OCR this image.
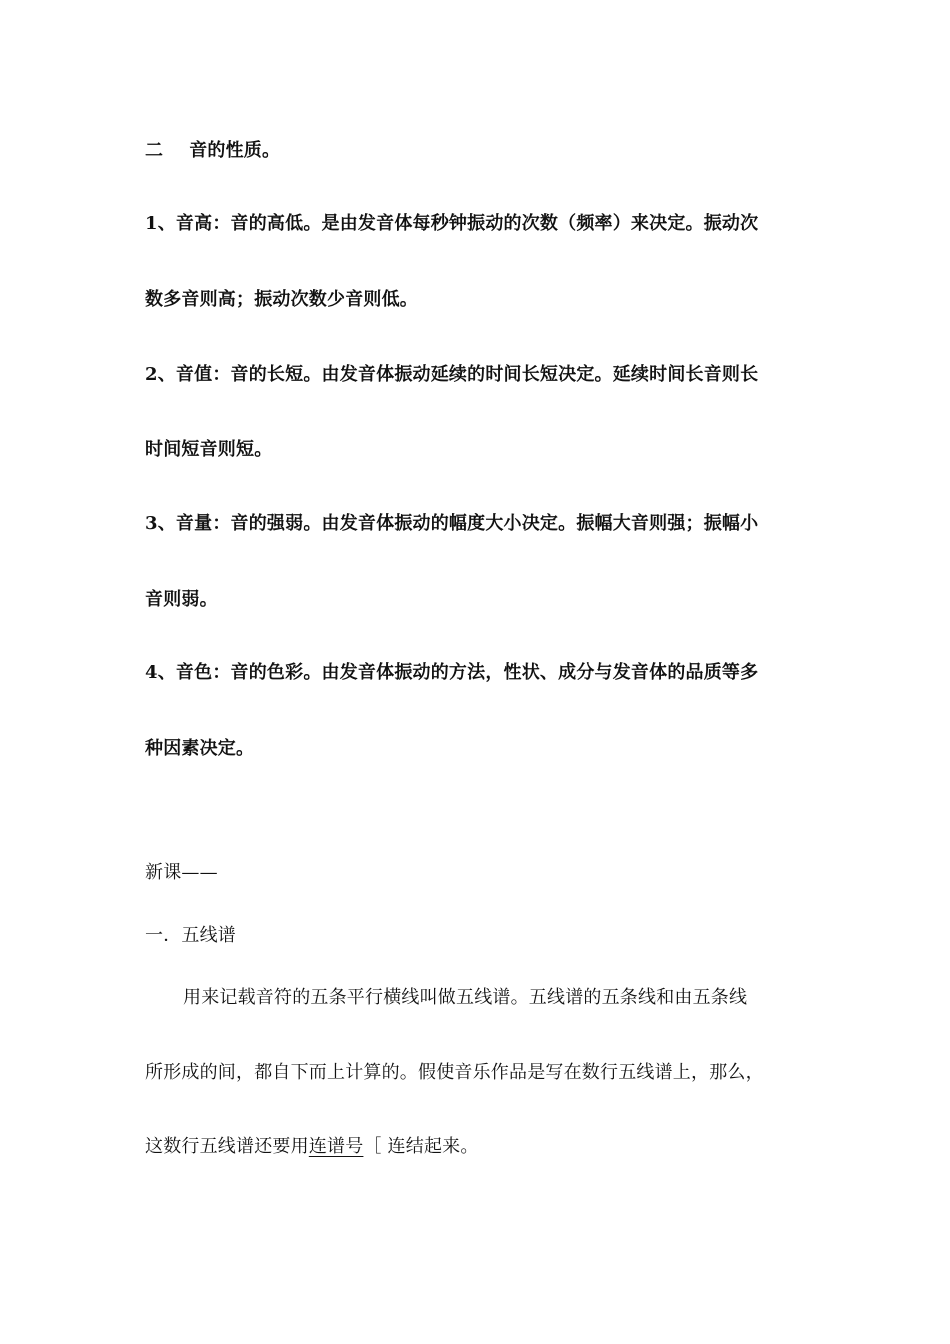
二 音的性质。
1、音高：音的高低。是由发音体每秒钟振动的次数（频率）来决定。振动次
数多音则高；振动次数少音则低。
2、音值：音的长短。由发音体振动延续的时间长短决定。延续时间长音则长
时间短音则短。
3、音量：音的强弱。由发音体振动的幅度大小决定。振幅大音则强；振幅小
音则弱。
4、音色：音的色彩。由发音体振动的方法，性状、成分与发音体的品质等多
种因素决定。
新课——
一．五线谱
用来记载音符的五条平行横线叫做五线谱。五线谱的五条线和由五条线
所形成的间，都自下而上计算的。假使音乐作品是写在数行五线谱上，那么，
这数行五线谱还要用连谱号［ 连结起来。
